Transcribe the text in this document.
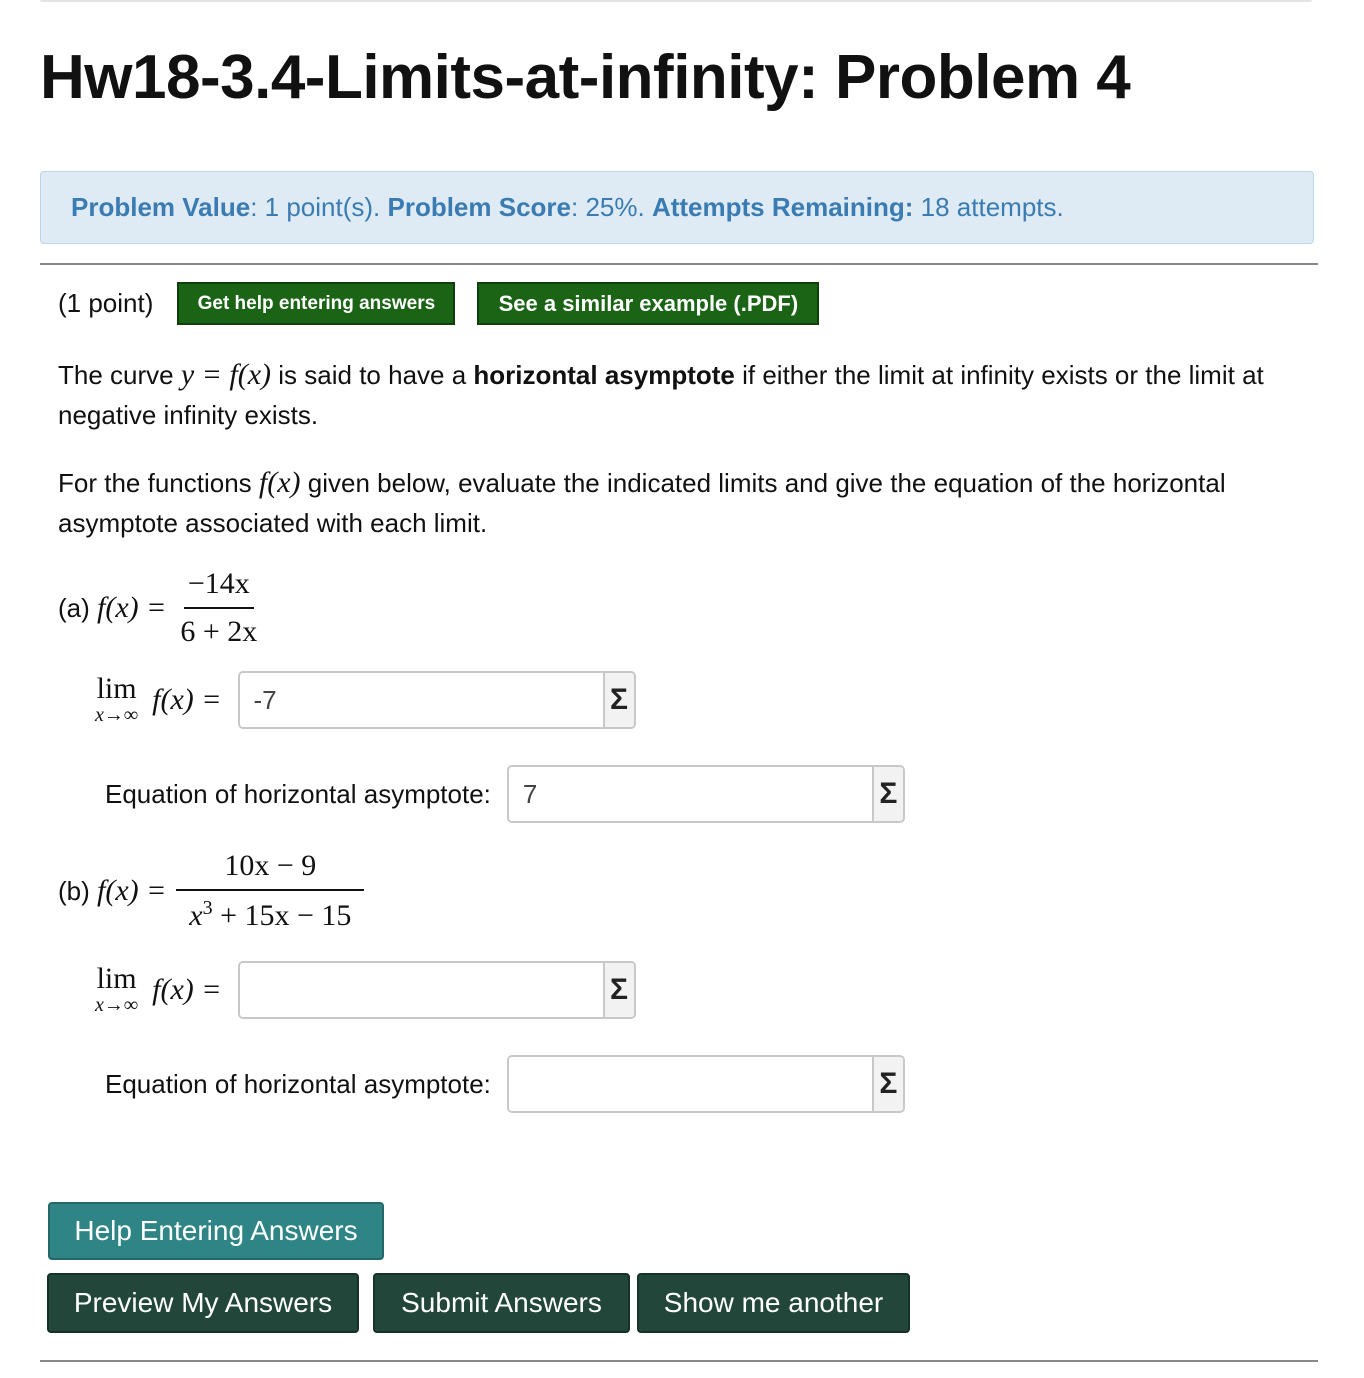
Hw18-3.4-Limits-at-infinity: Problem 4
Problem Value : 1 point(s).
Problem Score : 25%.
Attempts Remaining:
18 attempts.
(1 point)	Get help entering answers	See a similar example (.PDF)
The curve y = f(x) is said to have a horizontal asymptote if either the limit at infinity exists or the limit at negative infinity exists.
For the functions f(x) given below, evaluate the indicated limits and give the equation of the horizontal asymptote associated with each limit.
(a)
$f(x) = \frac{-14x}{6 + 2x}$
lim
x→∞ f(x) =
-7	Σ
Equation of horizontal asymptote:
7	Σ
(b)
$f(x) = \frac{10x - 9}{x^3 + 15x - 15}$
lim
x→∞ f(x) =	Σ
Equation of horizontal asymptote:	Σ
Help Entering Answers
Preview My Answers	Submit Answers	Show me another
